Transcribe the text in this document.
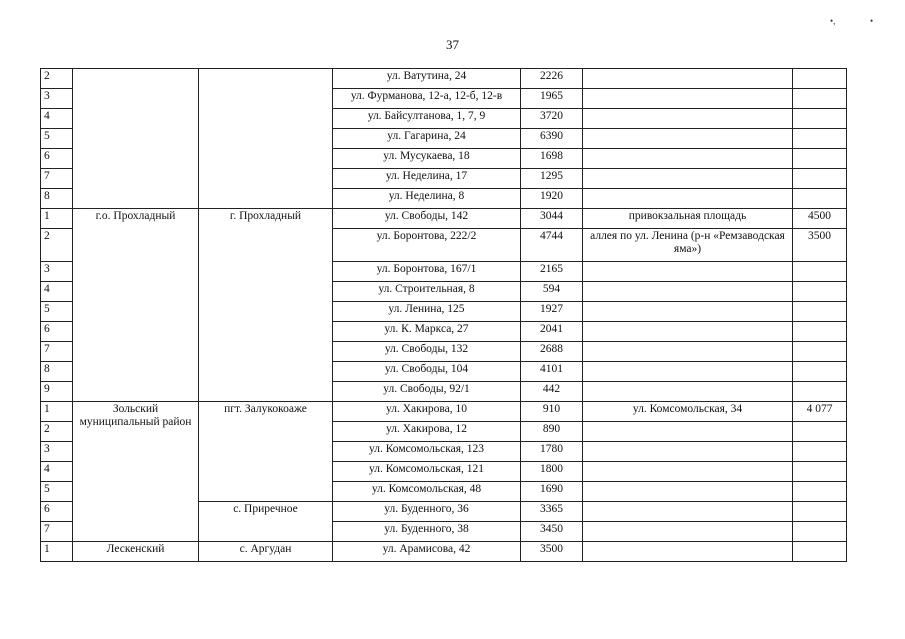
•,	•
37
2			ул. Ватутина, 24	2226		
3			ул. Фурманова, 12-а, 12-б, 12-в	1965		
4			ул. Байсултанова, 1, 7, 9	3720		
5			ул. Гагарина, 24	6390		
6			ул. Мусукаева, 18	1698		
7			ул. Неделина, 17	1295		
8			ул. Неделина, 8	1920		
1	г.о. Прохладный	г. Прохладный	ул. Свободы, 142	3044	привокзальная площадь	4500
2			ул. Боронтова, 222/2	4744	аллея по ул. Ленина (р-н «Ремзаводская яма»)	3500
3			ул. Боронтова, 167/1	2165		
4			ул. Строительная, 8	594		
5			ул. Ленина, 125	1927		
6			ул. К. Маркса, 27	2041		
7			ул. Свободы, 132	2688		
8			ул. Свободы, 104	4101		
9			ул. Свободы, 92/1	442		
1	Зольский муниципальный район	пгт. Залукокоаже	ул. Хакирова, 10	910	ул. Комсомольская, 34	4 077
2			ул. Хакирова, 12	890		
3			ул. Комсомольская, 123	1780		
4			ул. Комсомольская, 121	1800		
5			ул. Комсомольская, 48	1690		
6		с. Приречное	ул. Буденного, 36	3365		
7			ул. Буденного, 38	3450		
1	Лескенский	с. Аргудан	ул. Арамисова, 42	3500		
